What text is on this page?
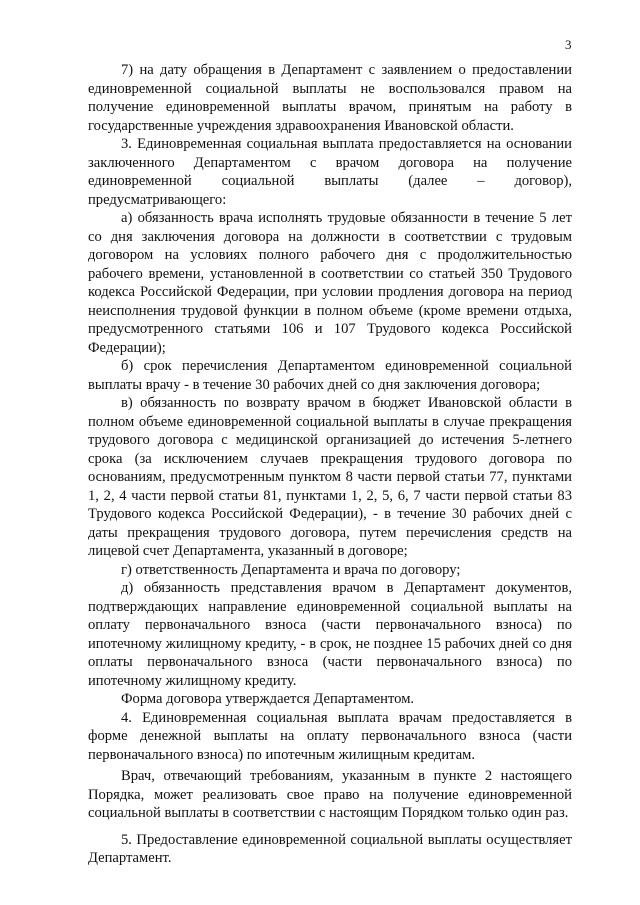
3

7) на дату обращения в Департамент с заявлением о предоставлении единовременной социальной выплаты не воспользовался правом на получение единовременной выплаты врачом, принятым на работу в государственные учреждения здравоохранения Ивановской области.

3. Единовременная социальная выплата предоставляется на основании заключенного Департаментом с врачом договора на получение единовременной социальной выплаты (далее – договор), предусматривающего:

а) обязанность врача исполнять трудовые обязанности в течение 5 лет со дня заключения договора на должности в соответствии с трудовым договором на условиях полного рабочего дня с продолжительностью рабочего времени, установленной в соответствии со статьей 350 Трудового кодекса Российской Федерации, при условии продления договора на период неисполнения трудовой функции в полном объеме (кроме времени отдыха, предусмотренного статьями 106 и 107 Трудового кодекса Российской Федерации);

б) срок перечисления Департаментом единовременной социальной выплаты врачу - в течение 30 рабочих дней со дня заключения договора;

в) обязанность по возврату врачом в бюджет Ивановской области в полном объеме единовременной социальной выплаты в случае прекращения трудового договора с медицинской организацией до истечения 5-летнего срока (за исключением случаев прекращения трудового договора по основаниям, предусмотренным пунктом 8 части первой статьи 77, пунктами 1, 2, 4 части первой статьи 81, пунктами 1, 2, 5, 6, 7 части первой статьи 83 Трудового кодекса Российской Федерации), - в течение 30 рабочих дней с даты прекращения трудового договора, путем перечисления средств на лицевой счет Департамента, указанный в договоре;

г) ответственность Департамента и врача по договору;

д) обязанность представления врачом в Департамент документов, подтверждающих направление единовременной социальной выплаты на оплату первоначального взноса (части первоначального взноса) по ипотечному жилищному кредиту, - в срок, не позднее 15 рабочих дней со дня оплаты первоначального взноса (части первоначального взноса) по ипотечному жилищному кредиту.

Форма договора утверждается Департаментом.

4. Единовременная социальная выплата врачам предоставляется в форме денежной выплаты на оплату первоначального взноса (части первоначального взноса) по ипотечным жилищным кредитам.

Врач, отвечающий требованиям, указанным в пункте 2 настоящего Порядка, может реализовать свое право на получение единовременной социальной выплаты в соответствии с настоящим Порядком только один раз.

5. Предоставление единовременной социальной выплаты осуществляет Департамент.
